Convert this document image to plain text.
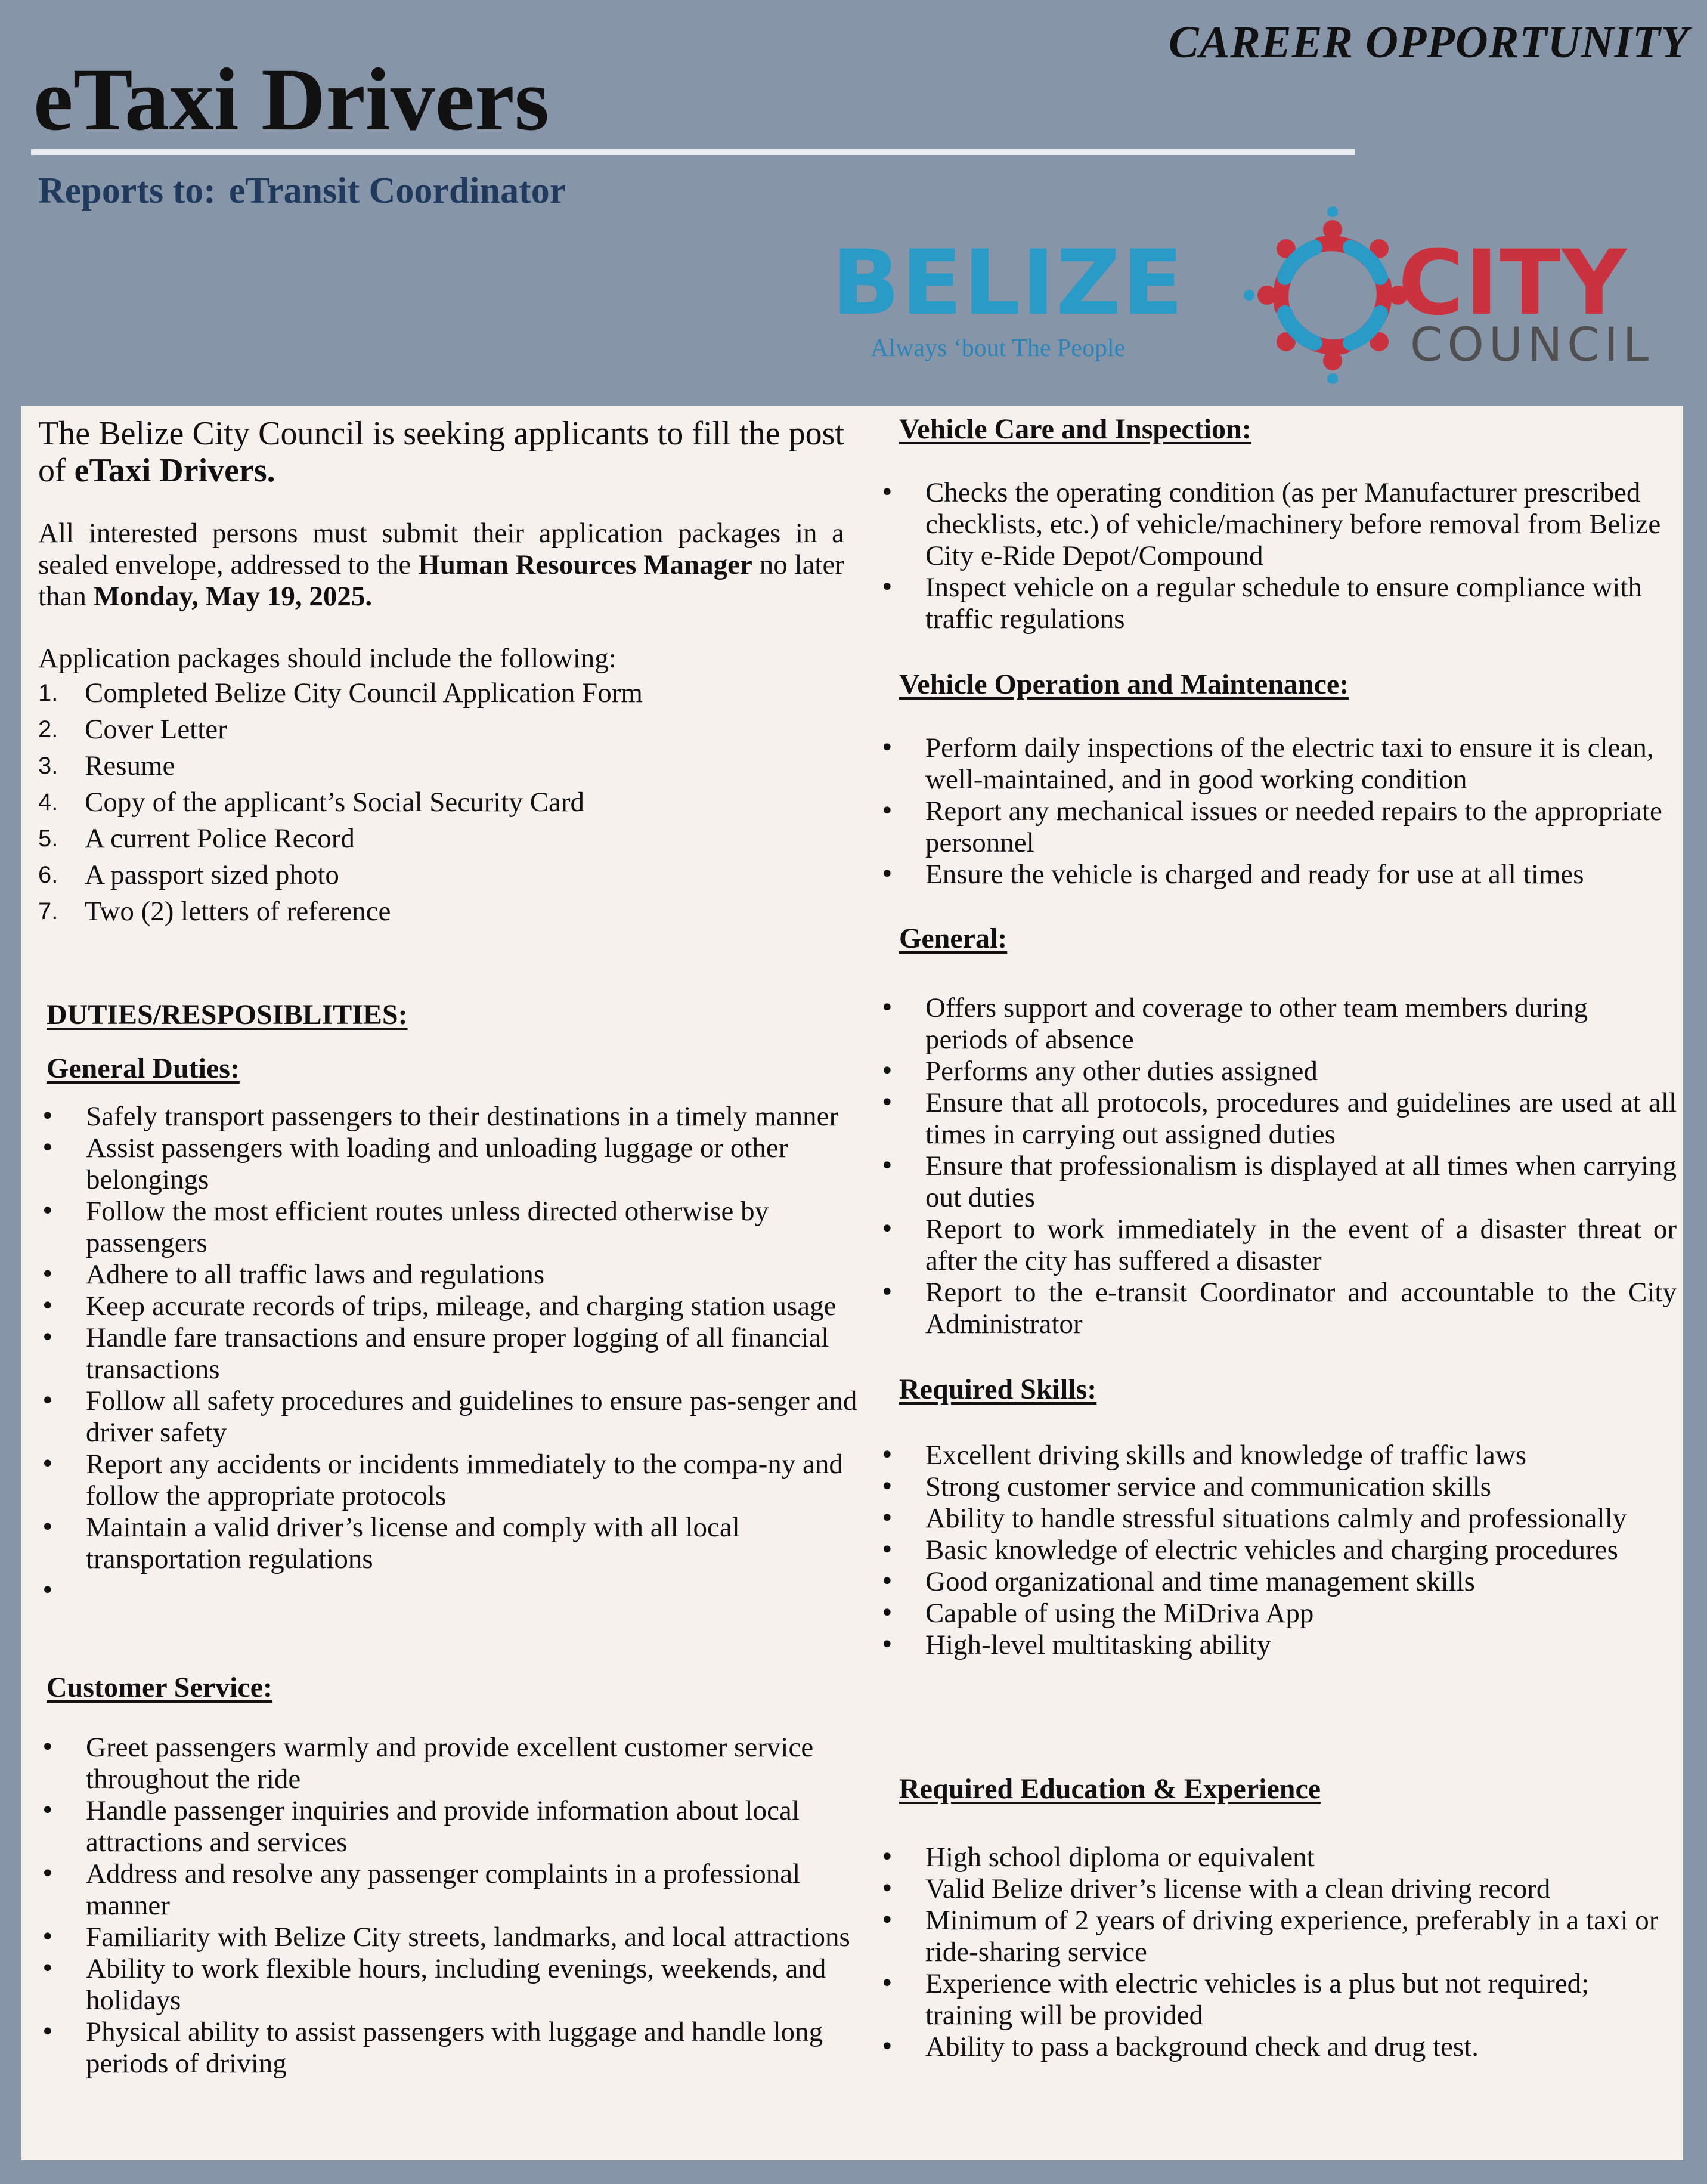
CAREER OPPORTUNITY

eTaxi Drivers

Reports to: eTransit Coordinator

BELIZE CITY

COUNCIL

Always ‘bout The People

The Belize City Council is seeking applicants to fill the post of eTaxi Drivers.

All interested persons must submit their application packages in a sealed envelope, addressed to the Human Resources Manager no later than Monday, May 19, 2025.

Application packages should include the following:

1. Completed Belize City Council Application Form
2. Cover Letter
3. Resume
4. Copy of the applicant’s Social Security Card
5. A current Police Record
6. A passport sized photo
7. Two (2) letters of reference

DUTIES/RESPOSIBLITIES:

General Duties:

• Safely transport passengers to their destinations in a timely manner
• Assist passengers with loading and unloading luggage or other belongings
• Follow the most efficient routes unless directed otherwise by passengers
• Adhere to all traffic laws and regulations
• Keep accurate records of trips, mileage, and charging station usage
• Handle fare transactions and ensure proper logging of all financial transactions
• Follow all safety procedures and guidelines to ensure pas-senger and driver safety
• Report any accidents or incidents immediately to the compa-ny and follow the appropriate protocols
• Maintain a valid driver’s license and comply with all local transportation regulations
•

Customer Service:

• Greet passengers warmly and provide excellent customer service throughout the ride
• Handle passenger inquiries and provide information about local attractions and services
• Address and resolve any passenger complaints in a professional manner
• Familiarity with Belize City streets, landmarks, and local attractions
• Ability to work flexible hours, including evenings, weekends, and holidays
• Physical ability to assist passengers with luggage and handle long periods of driving

Vehicle Care and Inspection:

• Checks the operating condition (as per Manufacturer prescribed checklists, etc.) of vehicle/machinery before removal from Belize City e-Ride Depot/Compound
• Inspect vehicle on a regular schedule to ensure compliance with traffic regulations

Vehicle Operation and Maintenance:

• Perform daily inspections of the electric taxi to ensure it is clean, well-maintained, and in good working condition
• Report any mechanical issues or needed repairs to the appropriate personnel
• Ensure the vehicle is charged and ready for use at all times

General:

• Offers support and coverage to other team members during periods of absence
• Performs any other duties assigned
• Ensure that all protocols, procedures and guidelines are used at all times in carrying out assigned duties
• Ensure that professionalism is displayed at all times when carrying out duties
• Report to work immediately in the event of a disaster threat or after the city has suffered a disaster
• Report to the e-transit Coordinator and accountable to the City Administrator

Required Skills:

• Excellent driving skills and knowledge of traffic laws
• Strong customer service and communication skills
• Ability to handle stressful situations calmly and professionally
• Basic knowledge of electric vehicles and charging procedures
• Good organizational and time management skills
• Capable of using the MiDriva App
• High-level multitasking ability

Required Education & Experience

• High school diploma or equivalent
• Valid Belize driver’s license with a clean driving record
• Minimum of 2 years of driving experience, preferably in a taxi or ride-sharing service
• Experience with electric vehicles is a plus but not required; training will be provided
• Ability to pass a background check and drug test.
